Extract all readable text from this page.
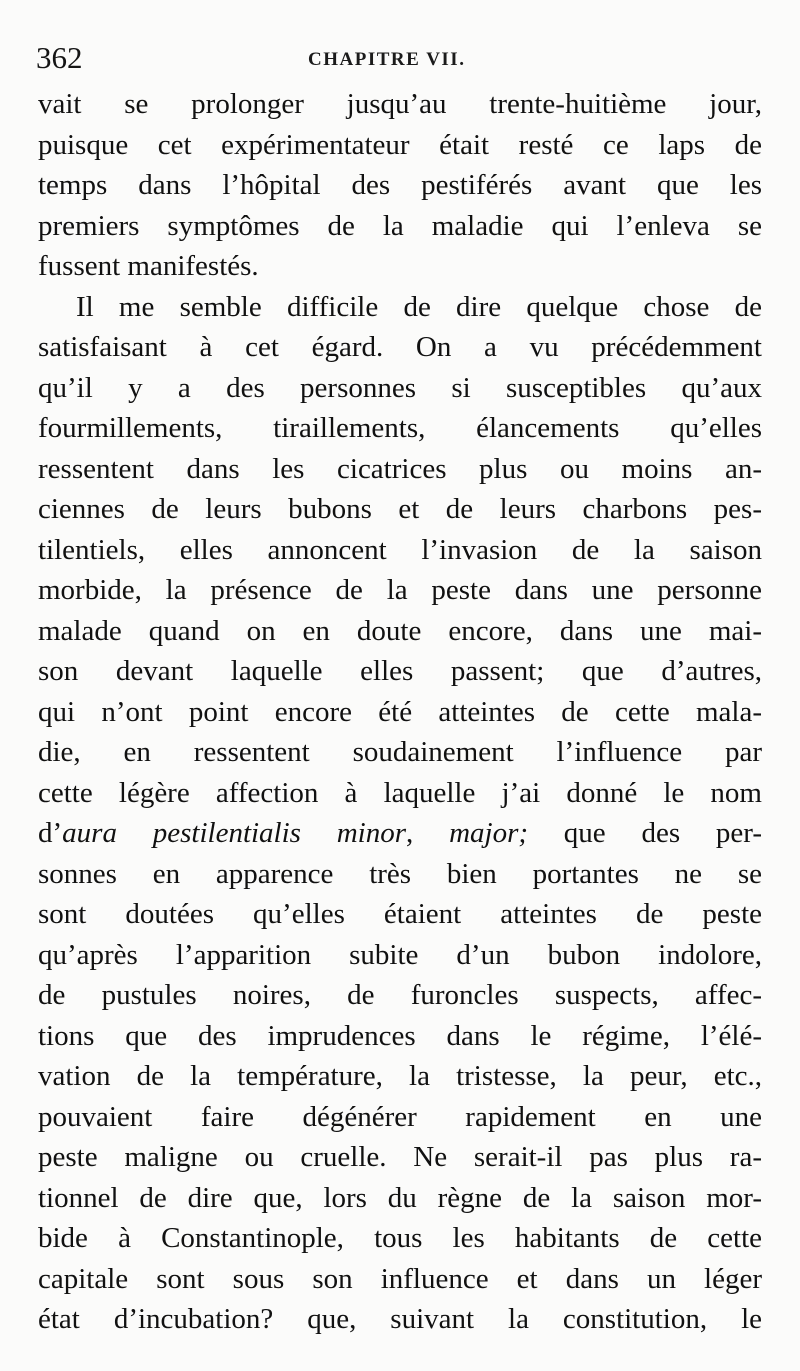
362	CHAPITRE VII.
vait se prolonger jusqu’au trente-huitième jour,
puisque cet expérimentateur était resté ce laps de
temps dans l’hôpital des pestiférés avant que les
premiers symptômes de la maladie qui l’enleva se
fussent manifestés.
Il me semble difficile de dire quelque chose de
satisfaisant à cet égard. On a vu précédemment
qu’il y a des personnes si susceptibles qu’aux
fourmillements, tiraillements, élancements qu’elles
ressentent dans les cicatrices plus ou moins an-
ciennes de leurs bubons et de leurs charbons pes-
tilentiels, elles annoncent l’invasion de la saison
morbide, la présence de la peste dans une personne
malade quand on en doute encore, dans une mai-
son devant laquelle elles passent; que d’autres,
qui n’ont point encore été atteintes de cette mala-
die, en ressentent soudainement l’influence par
cette légère affection à laquelle j’ai donné le nom
d’aura pestilentialis minor, major; que des per-
sonnes en apparence très bien portantes ne se
sont doutées qu’elles étaient atteintes de peste
qu’après l’apparition subite d’un bubon indolore,
de pustules noires, de furoncles suspects, affec-
tions que des imprudences dans le régime, l’élé-
vation de la température, la tristesse, la peur, etc.,
pouvaient faire dégénérer rapidement en une
peste maligne ou cruelle. Ne serait-il pas plus ra-
tionnel de dire que, lors du règne de la saison mor-
bide à Constantinople, tous les habitants de cette
capitale sont sous son influence et dans un léger
état d’incubation? que, suivant la constitution, le
